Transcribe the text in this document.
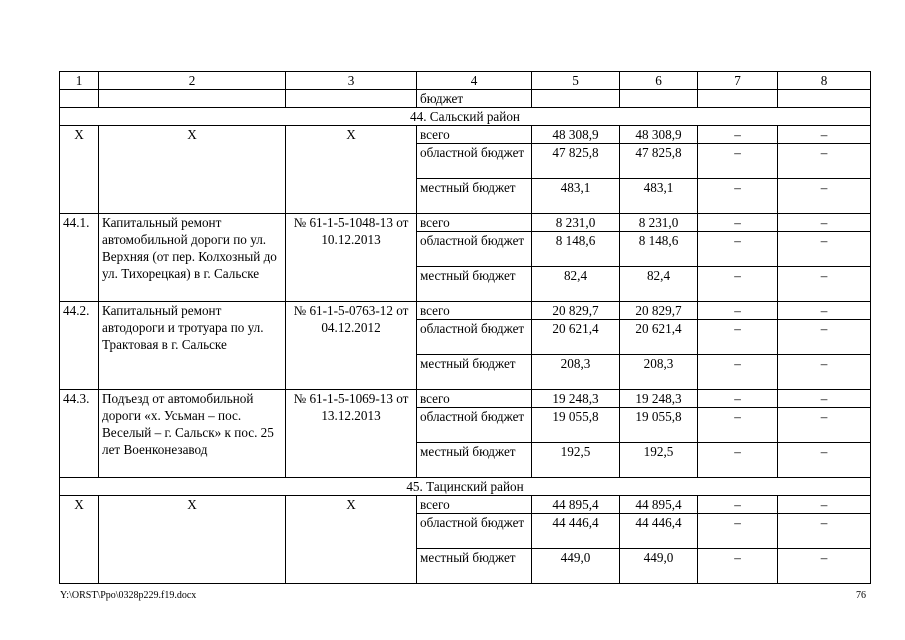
1	2	3	4	5	6	7	8
			бюджет				
44. Сальский район							
Х	Х	Х	всего	48 308,9	48 308,9	–	–
			областной бюджет	47 825,8	47 825,8	–	–
			местный бюджет	483,1	483,1	–	–
44.1.	Капитальный ремонт автомобильной дороги по ул. Верхняя (от пер. Колхозный до ул. Тихорецкая) в г. Сальске	№ 61-1-5-1048-13 от 10.12.2013	всего	8 231,0	8 231,0	–	–
			областной бюджет	8 148,6	8 148,6	–	–
			местный бюджет	82,4	82,4	–	–
44.2.	Капитальный ремонт автодороги и тротуара по ул. Трактовая в г. Сальске	№ 61-1-5-0763-12 от 04.12.2012	всего	20 829,7	20 829,7	–	–
			областной бюджет	20 621,4	20 621,4	–	–
			местный бюджет	208,3	208,3	–	–
44.3.	Подъезд от автомобильной дороги «х. Усьман – пос. Веселый – г. Сальск» к пос. 25 лет Военконезавод	№ 61-1-5-1069-13 от 13.12.2013	всего	19 248,3	19 248,3	–	–
			областной бюджет	19 055,8	19 055,8	–	–
			местный бюджет	192,5	192,5	–	–
45. Тацинский район							
Х	Х	Х	всего	44 895,4	44 895,4	–	–
			областной бюджет	44 446,4	44 446,4	–	–
			местный бюджет	449,0	449,0	–	–
Y:\ORST\Ppo\0328p229.f19.docx	76
